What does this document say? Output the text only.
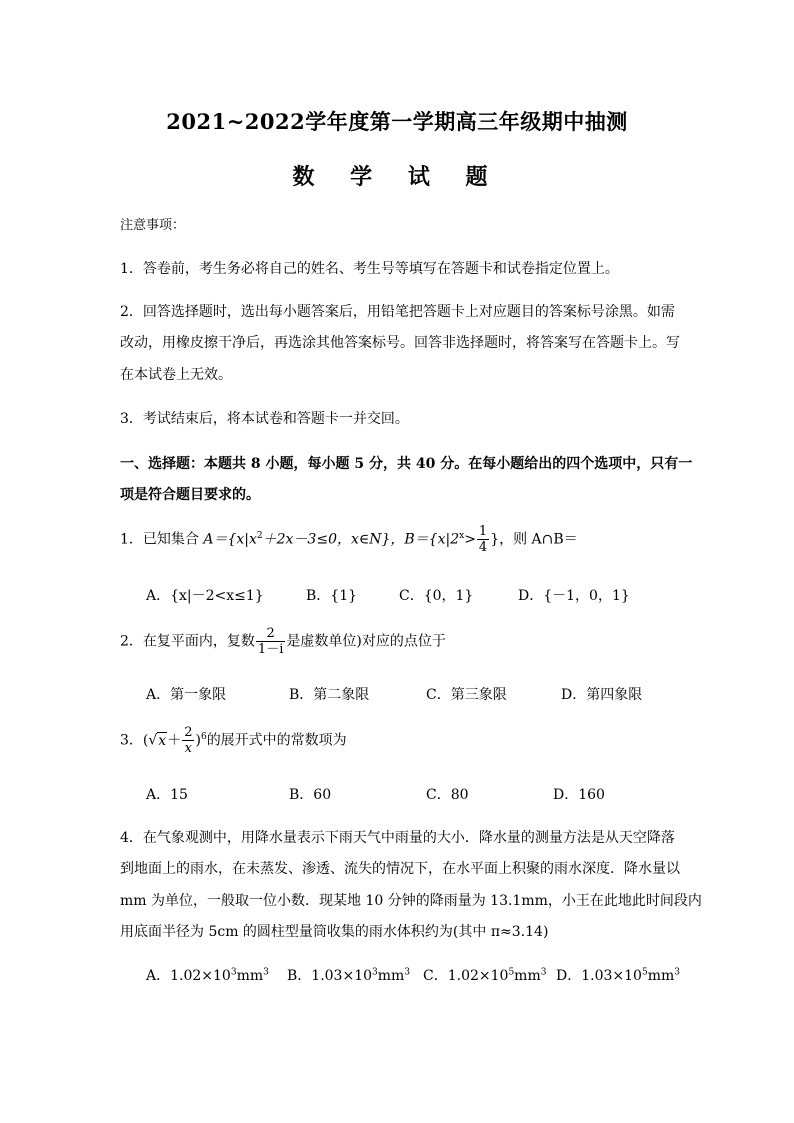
2021~2022学年度第一学期高三年级期中抽测
数 学 试 题
注意事项：
1．答卷前，考生务必将自己的姓名、考生号等填写在答题卡和试卷指定位置上。
2．回答选择题时，选出每小题答案后，用铅笔把答题卡上对应题目的答案标号涂黑。如需
改动，用橡皮擦干净后，再选涂其他答案标号。回答非选择题时，将答案写在答题卡上。写
在本试卷上无效。
3．考试结束后，将本试卷和答题卡一并交回。
一、选择题：本题共 8 小题，每小题 5 分，共 40 分。在每小题给出的四个选项中，只有一
项是符合题目要求的。
1．已知集合 $A=\{x|x^2+2x-3\le 0$，x∈N}，$B=\{x|2^x> \frac{1}{4}$ }，则 A∩B＝
A．{x|－2<x≤1}	B．{1}	C．{0，1}	D．{－1，0，1}
2．在复平面内，复数 $\frac{2}{1-i}$ 是虚数单位)对应的点位于
A．第一象限	B．第二象限	C．第三象限	D．第四象限
3．$(√x+ \frac{2}{x} )^6$的展开式中的常数项为
A．15	B．60	C．80	D．160
4．在气象观测中，用降水量表示下雨天气中雨量的大小．降水量的测量方法是从天空降落
到地面上的雨水，在未蒸发、渗透、流失的情况下，在水平面上积聚的雨水深度．降水量以
mm 为单位，一般取一位小数．现某地 10 分钟的降雨量为 13.1mm，小王在此地此时间段内
用底面半径为 5cm 的圆柱型量筒收集的雨水体积约为(其中 π≈3.14)
A．$1.02\times 10^3mm^3$ B．$1.03\times 10^3mm^3$ C．$1.02\times 10^5mm^3$ D．$1.03\times 10^5mm^3$
